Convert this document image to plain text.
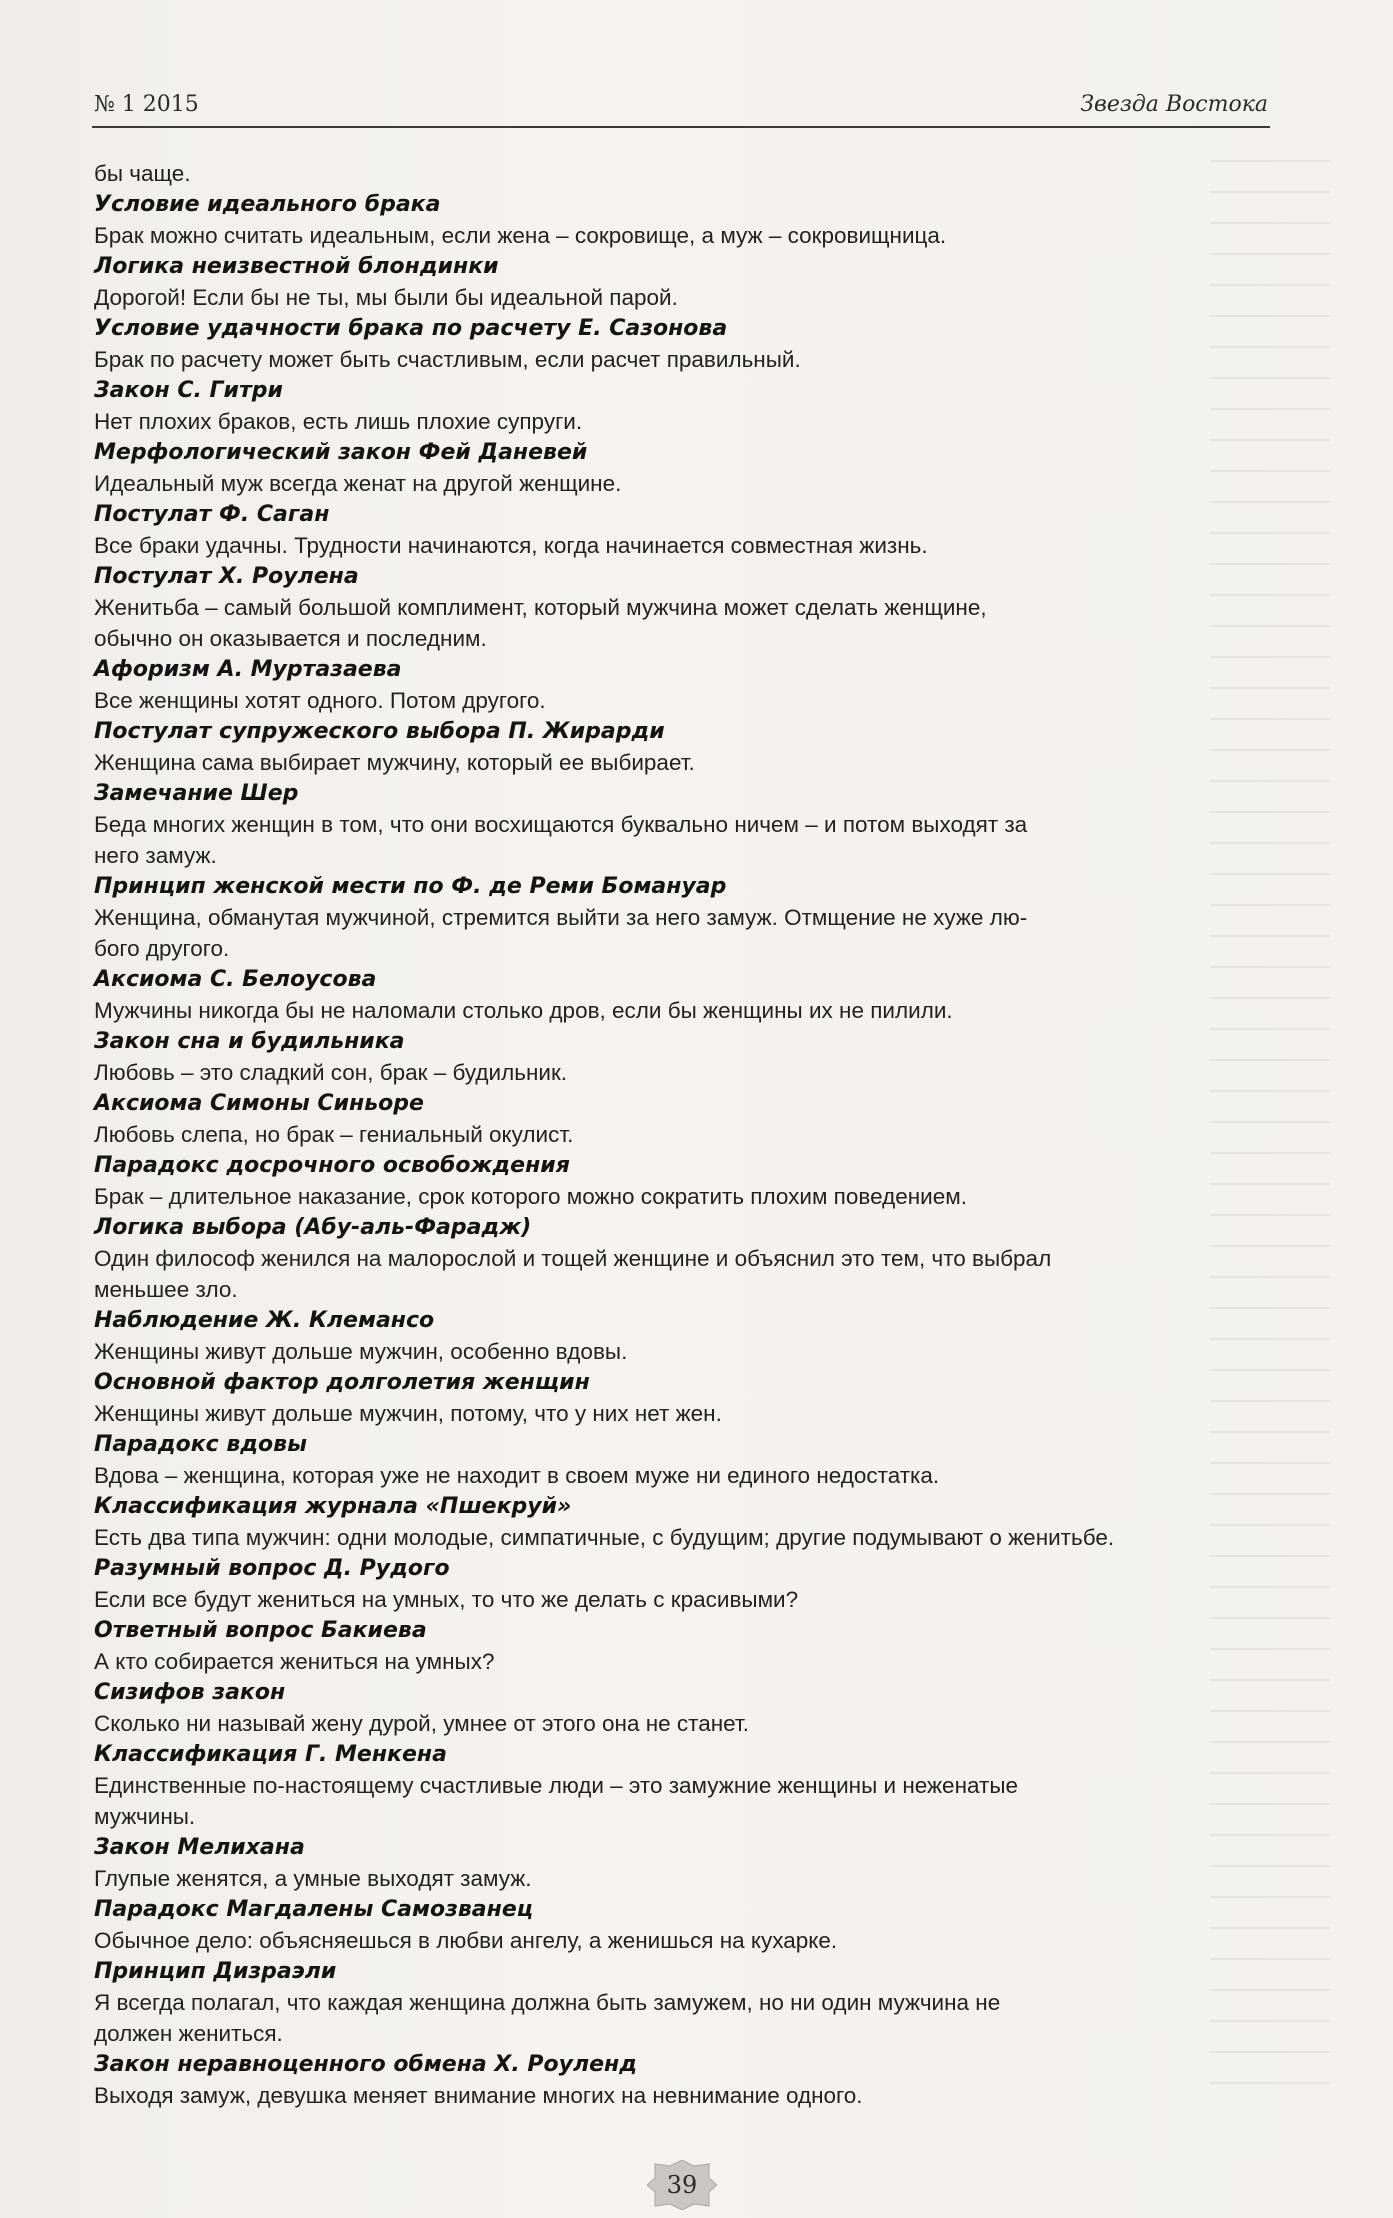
№ 1 2015	Звезда Востока

бы чаще.

Условие идеального брака

Брак можно считать идеальным, если жена – сокровище, а муж – сокровищница.

Логика неизвестной блондинки

Дорогой! Если бы не ты, мы были бы идеальной парой.

Условие удачности брака по расчету Е. Сазонова

Брак по расчету может быть счастливым, если расчет правильный.

Закон С. Гитри

Нет плохих браков, есть лишь плохие супруги.

Мерфологический закон Фей Даневей

Идеальный муж всегда женат на другой женщине.

Постулат Ф. Саган

Все браки удачны. Трудности начинаются, когда начинается совместная жизнь.

Постулат Х. Роулена

Женитьба – самый большой комплимент, который мужчина может сделать женщине,

обычно он оказывается и последним.

Афоризм А. Муртазаева

Все женщины хотят одного. Потом другого.

Постулат супружеского выбора П. Жирарди

Женщина сама выбирает мужчину, который ее выбирает.

Замечание Шер

Беда многих женщин в том, что они восхищаются буквально ничем – и потом выходят за

него замуж.

Принцип женской мести по Ф. де Реми Бомануар

Женщина, обманутая мужчиной, стремится выйти за него замуж. Отмщение не хуже лю-

бого другого.

Аксиома С. Белоусова

Мужчины никогда бы не наломали столько дров, если бы женщины их не пилили.

Закон сна и будильника

Любовь – это сладкий сон, брак – будильник.

Аксиома Симоны Синьоре

Любовь слепа, но брак – гениальный окулист.

Парадокс досрочного освобождения

Брак – длительное наказание, срок которого можно сократить плохим поведением.

Логика выбора (Абу-аль-Фарадж)

Один философ женился на малорослой и тощей женщине и объяснил это тем, что выбрал

меньшее зло.

Наблюдение Ж. Клемансо

Женщины живут дольше мужчин, особенно вдовы.

Основной фактор долголетия женщин

Женщины живут дольше мужчин, потому, что у них нет жен.

Парадокс вдовы

Вдова – женщина, которая уже не находит в своем муже ни единого недостатка.

Классификация журнала «Пшекруй»

Есть два типа мужчин: одни молодые, симпатичные, с будущим; другие подумывают о женитьбе.

Разумный вопрос Д. Рудого

Если все будут жениться на умных, то что же делать с красивыми?

Ответный вопрос Бакиева

А кто собирается жениться на умных?

Сизифов закон

Сколько ни называй жену дурой, умнее от этого она не станет.

Классификация Г. Менкена

Единственные по-настоящему счастливые люди – это замужние женщины и неженатые

мужчины.

Закон Мелихана

Глупые женятся, а умные выходят замуж.

Парадокс Магдалены Самозванец

Обычное дело: объясняешься в любви ангелу, а женишься на кухарке.

Принцип Дизраэли

Я всегда полагал, что каждая женщина должна быть замужем, но ни один мужчина не

должен жениться.

Закон неравноценного обмена Х. Роуленд

Выходя замуж, девушка меняет внимание многих на невнимание одного.

39
